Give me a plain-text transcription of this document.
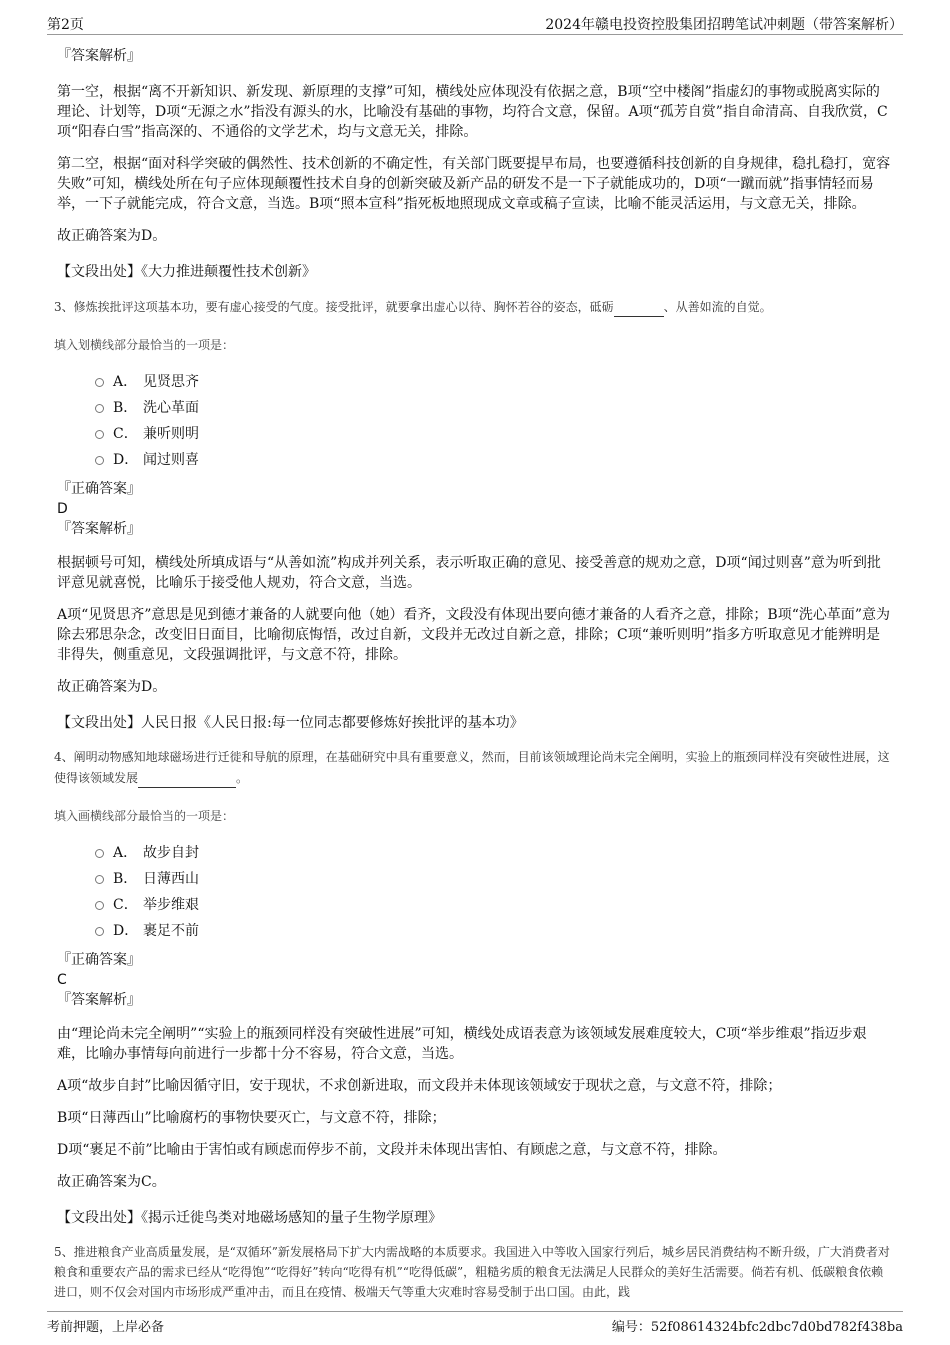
第2页	2024年赣电投资控股集团招聘笔试冲刺题（带答案解析）
『答案解析』

第一空，根据“离不开新知识、新发现、新原理的支撑”可知，横线处应体现没有依据之意，B项“空中楼阁”指虚幻的事物或脱离实际的理论、计划等，D项“无源之水”指没有源头的水，比喻没有基础的事物，均符合文意，保留。A项“孤芳自赏”指自命清高、自我欣赏，C项“阳春白雪”指高深的、不通俗的文学艺术，均与文意无关，排除。

第二空，根据“面对科学突破的偶然性、技术创新的不确定性，有关部门既要提早布局，也要遵循科技创新的自身规律，稳扎稳打，宽容失败”可知，横线处所在句子应体现颠覆性技术自身的创新突破及新产品的研发不是一下子就能成功的，D项“一蹴而就”指事情轻而易举，一下子就能完成，符合文意，当选。B项“照本宣科”指死板地照现成文章或稿子宣读，比喻不能灵活运用，与文意无关，排除。

故正确答案为D。

【文段出处】《大力推进颠覆性技术创新》

3、修炼挨批评这项基本功，要有虚心接受的气度。接受批评，就要拿出虚心以待、胸怀若谷的姿态，砥砺	、从善如流的自觉。
填入划横线部分最恰当的一项是：
A． 见贤思齐
B． 洗心革面
C． 兼听则明
D． 闻过则喜
『正确答案』
D
『答案解析』

根据顿号可知，横线处所填成语与“从善如流”构成并列关系，表示听取正确的意见、接受善意的规劝之意，D项“闻过则喜”意为听到批评意见就喜悦，比喻乐于接受他人规劝，符合文意，当选。

A项“见贤思齐”意思是见到德才兼备的人就要向他（她）看齐，文段没有体现出要向德才兼备的人看齐之意，排除；B项“洗心革面”意为除去邪思杂念，改变旧日面目，比喻彻底悔悟，改过自新，文段并无改过自新之意，排除；C项“兼听则明”指多方听取意见才能辨明是非得失，侧重意见，文段强调批评，与文意不符，排除。

故正确答案为D。

【文段出处】人民日报《人民日报:每一位同志都要修炼好挨批评的基本功》

4、阐明动物感知地球磁场进行迁徙和导航的原理，在基础研究中具有重要意义，然而，目前该领域理论尚未完全阐明，实验上的瓶颈同样没有突破性进展，这使得该领域发展	。
填入画横线部分最恰当的一项是：
A． 故步自封
B． 日薄西山
C． 举步维艰
D． 裹足不前
『正确答案』
C
『答案解析』

由“理论尚未完全阐明”“实验上的瓶颈同样没有突破性进展”可知，横线处成语表意为该领域发展难度较大，C项“举步维艰”指迈步艰难，比喻办事情每向前进行一步都十分不容易，符合文意，当选。

A项“故步自封”比喻因循守旧，安于现状，不求创新进取，而文段并未体现该领域安于现状之意，与文意不符，排除；

B项“日薄西山”比喻腐朽的事物快要灭亡，与文意不符，排除；

D项“裹足不前”比喻由于害怕或有顾虑而停步不前，文段并未体现出害怕、有顾虑之意，与文意不符，排除。

故正确答案为C。

【文段出处】《揭示迁徙鸟类对地磁场感知的量子生物学原理》

5、推进粮食产业高质量发展，是“双循环”新发展格局下扩大内需战略的本质要求。我国进入中等收入国家行列后，城乡居民消费结构不断升级，广大消费者对粮食和重要农产品的需求已经从“吃得饱”“吃得好”转向“吃得有机”“吃得低碳”，粗糙劣质的粮食无法满足人民群众的美好生活需要。倘若有机、低碳粮食依赖进口，则不仅会对国内市场形成严重冲击，而且在疫情、极端天气等重大灾难时容易受制于出口国。由此，践
考前押题，上岸必备	编号：52f08614324bfc2dbc7d0bd782f438ba
